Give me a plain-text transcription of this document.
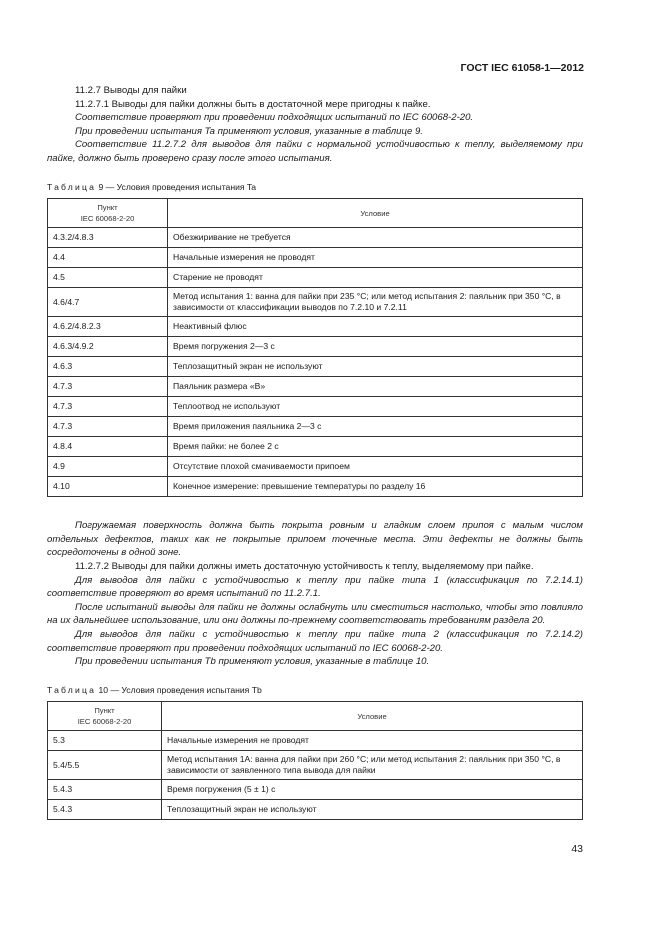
ГОСТ IEC 61058-1—2012

11.2.7 Выводы для пайки

11.2.7.1 Выводы для пайки должны быть в достаточной мере пригодны к пайке.

Соответствие проверяют при проведении подходящих испытаний по IEC 60068-2-20.

При проведении испытания Ta применяют условия, указанные в таблице 9.

Соответствие 11.2.7.2 для выводов для пайки с нормальной устойчивостью к теплу, выделяемому при пайке, должно быть проверено сразу после этого испытания.

Таблица 9 — Условия проведения испытания Ta
Пункт
IEC 60068-2-20	Условие
4.3.2/4.8.3	Обезжиривание не требуется
4.4	Начальные измерения не проводят
4.5	Старение не проводят
4.6/4.7	Метод испытания 1: ванна для пайки при 235 °С; или метод испытания 2: паяльник при 350 °С, в зависимости от классификации выводов по 7.2.10 и 7.2.11
4.6.2/4.8.2.3	Неактивный флюс
4.6.3/4.9.2	Время погружения 2—3 с
4.6.3	Теплозащитный экран не используют
4.7.3	Паяльник размера «В»
4.7.3	Теплоотвод не используют
4.7.3	Время приложения паяльника 2—3 с
4.8.4	Время пайки: не более 2 с
4.9	Отсутствие плохой смачиваемости припоем
4.10	Конечное измерение: превышение температуры по разделу 16

Погружаемая поверхность должна быть покрыта ровным и гладким слоем припоя с малым числом отдельных дефектов, таких как не покрытые припоем точечные места. Эти дефекты не должны быть сосредоточены в одной зоне.

11.2.7.2 Выводы для пайки должны иметь достаточную устойчивость к теплу, выделяемому при пайке.

Для выводов для пайки с устойчивостью к теплу при пайке типа 1 (классификация по 7.2.14.1) соответствие проверяют во время испытаний по 11.2.7.1.

После испытаний выводы для пайки не должны ослабнуть или сместиться настолько, чтобы это повлияло на их дальнейшее использование, или они должны по-прежнему соответствовать требованиям раздела 20.

Для выводов для пайки с устойчивостью к теплу при пайке типа 2 (классификация по 7.2.14.2) соответствие проверяют при проведении подходящих испытаний по IEC 60068-2-20.

При проведении испытания Tb применяют условия, указанные в таблице 10.

Таблица 10 — Условия проведения испытания Tb
Пункт
IEC 60068-2-20	Условие
5.3	Начальные измерения не проводят
5.4/5.5	Метод испытания 1А: ванна для пайки при 260 °С; или метод испытания 2: паяльник при 350 °С, в зависимости от заявленного типа вывода для пайки
5.4.3	Время погружения (5 ± 1) с
5.4.3	Теплозащитный экран не используют
43
